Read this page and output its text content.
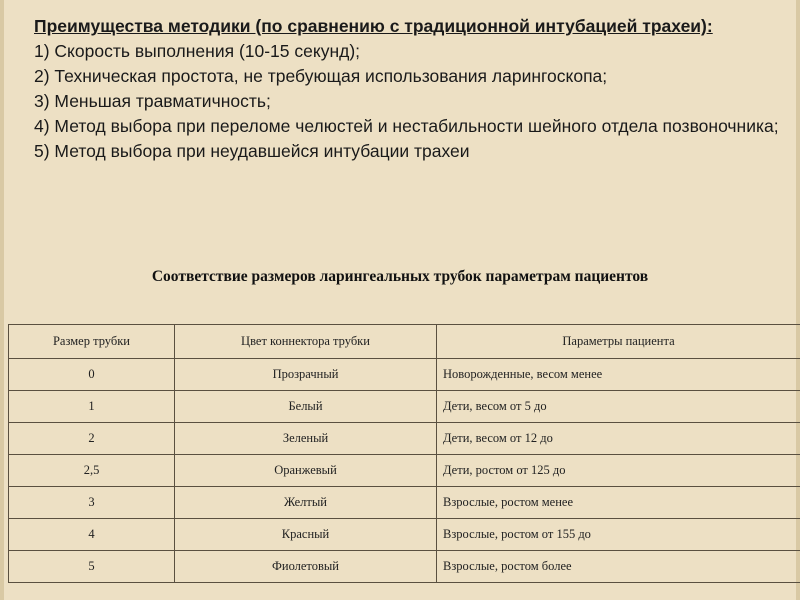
Преимущества методики (по сравнению с традиционной интубацией трахеи):

1) Скорость выполнения (10-15 секунд);

2) Техническая простота, не требующая использования ларингоскопа;

3) Меньшая травматичность;

4) Метод выбора при переломе челюстей и нестабильности шейного отдела позвоночника;

5) Метод выбора при неудавшейся интубации трахеи

Соответствие размеров ларингеальных трубок параметрам пациентов
Размер трубки	Цвет коннектора трубки	Параметры пациента
0	Прозрачный	Новорожденные, весом менее
1	Белый	Дети, весом от 5 до
2	Зеленый	Дети, весом от 12 до
2,5	Оранжевый	Дети, ростом от 125 до
3	Желтый	Взрослые, ростом менее
4	Красный	Взрослые, ростом от 155 до
5	Фиолетовый	Взрослые, ростом более
